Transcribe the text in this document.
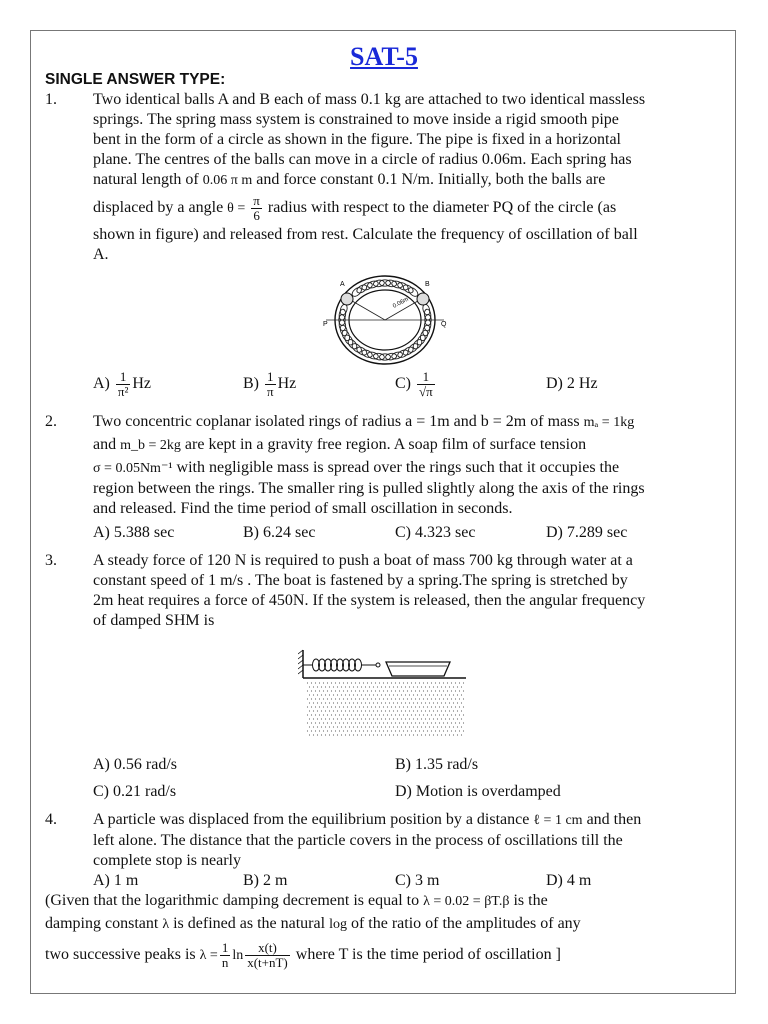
SAT-5
SINGLE ANSWER TYPE:
1. Two identical balls A and B each of mass 0.1 kg are attached to two identical massless
springs. The spring mass system is constrained to move inside a rigid smooth pipe
bent in the form of a circle as shown in the figure. The pipe is fixed in a horizontal
plane. The centres of the balls can move in a circle of radius 0.06m. Each spring has
natural length of 0.06 π m and force constant 0.1 N/m. Initially, both the balls are
displaced by a angle $\theta = \frac{\pi}{6}$ radius with respect to the diameter PQ of the circle (as
shown in figure) and released from rest. Calculate the frequency of oscillation of ball
A.
A	B
P	Q
0.06m
$A) \frac{1}{\text{π²}}$ Hz	$B) \frac{1}{\pi}$ Hz	$C) \frac{1}{√\pi}$	D) 2 Hz
2. Two concentric coplanar isolated rings of radius a = 1m and b = 2m of mass mₐ = 1kg
and m_b = 2kg are kept in a gravity free region. A soap film of surface tension
σ = 0.05Nm⁻¹ with negligible mass is spread over the rings such that it occupies the
region between the rings. The smaller ring is pulled slightly along the axis of the rings
and released. Find the time period of small oscillation in seconds.
A) 5.388 sec	B) 6.24 sec	C) 4.323 sec	D) 7.289 sec
3. A steady force of 120 N is required to push a boat of mass 700 kg through water at a
constant speed of 1 m/s . The boat is fastened by a spring.The spring is stretched by
2m heat requires a force of 450N. If the system is released, then the angular frequency
of damped SHM is
A) 0.56 rad/s	B) 1.35 rad/s
C) 0.21 rad/s	D) Motion is overdamped
4. A particle was displaced from the equilibrium position by a distance ℓ = 1 cm and then
left alone. The distance that the particle covers in the process of oscillations till the
complete stop is nearly
A) 1 m	B) 2 m	C) 3 m	D) 4 m
(Given that the logarithmic damping decrement is equal to λ = 0.02 = βT.β is the
damping constant λ is defined as the natural log of the ratio of the amplitudes of any
two successive peaks is $\lambda = \frac{1}{n}$ $\ln \frac{x(t)}{x(t+nT)}$ where T is the time period of oscillation ]
